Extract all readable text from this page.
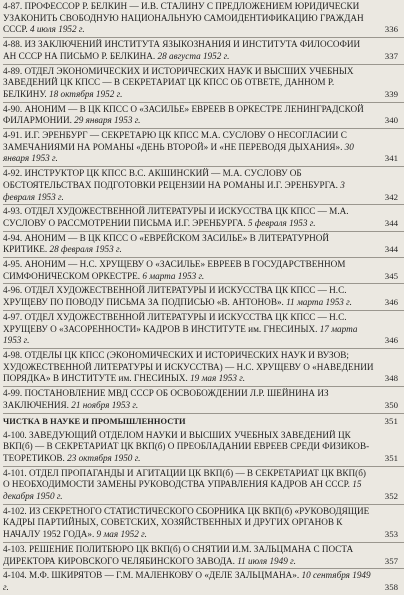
4-87. ПРОФЕССОР Р. БЕЛКИН — И.В. СТАЛИНУ С ПРЕДЛОЖЕНИЕМ ЮРИДИЧЕСКИ УЗАКОНИТЬ СВОБОДНУЮ НАЦИОНАЛЬНУЮ САМОИДЕНТИФИКАЦИЮ ГРАЖДАН СССР. 4 июля 1952 г.	336
4-88. ИЗ ЗАКЛЮЧЕНИЙ ИНСТИТУТА ЯЗЫКОЗНАНИЯ И ИНСТИТУТА ФИЛОСОФИИ АН СССР НА ПИСЬМО Р. БЕЛКИНА. 28 августа 1952 г.	337
4-89. ОТДЕЛ ЭКОНОМИЧЕСКИХ И ИСТОРИЧЕСКИХ НАУК И ВЫСШИХ УЧЕБНЫХ ЗАВЕДЕНИЙ ЦК КПСС — В СЕКРЕТАРИАТ ЦК КПСС ОБ ОТВЕТЕ, ДАННОМ Р. БЕЛКИНУ. 18 октября 1952 г.	339
4-90. АНОНИМ — В ЦК КПСС О «ЗАСИЛЬЕ» ЕВРЕЕВ В ОРКЕСТРЕ ЛЕНИНГРАДСКОЙ ФИЛАРМОНИИ. 29 января 1953 г.	340
4-91. И.Г. ЭРЕНБУРГ — СЕКРЕТАРЮ ЦК КПСС М.А. СУСЛОВУ О НЕСОГЛАСИИ С ЗАМЕЧАНИЯМИ НА РОМАНЫ «ДЕНЬ ВТОРОЙ» И «НЕ ПЕРЕВОДЯ ДЫХАНИЯ». 30 января 1953 г.	341
4-92. ИНСТРУКТОР ЦК КПСС В.С. АКШИНСКИЙ — М.А. СУСЛОВУ ОБ ОБСТОЯТЕЛЬСТВАХ ПОДГОТОВКИ РЕЦЕНЗИИ НА РОМАНЫ И.Г. ЭРЕНБУРГА. 3 февраля 1953 г.	342
4-93. ОТДЕЛ ХУДОЖЕСТВЕННОЙ ЛИТЕРАТУРЫ И ИСКУССТВА ЦК КПСС — М.А. СУСЛОВУ О РАССМОТРЕНИИ ПИСЬМА И.Г. ЭРЕНБУРГА. 5 февраля 1953 г.	344
4-94. АНОНИМ — В ЦК КПСС О «ЕВРЕЙСКОМ ЗАСИЛЬЕ» В ЛИТЕРАТУРНОЙ КРИТИКЕ. 28 февраля 1953 г.	344
4-95. АНОНИМ — Н.С. ХРУЩЕВУ О «ЗАСИЛЬЕ» ЕВРЕЕВ В ГОСУДАРСТВЕННОМ СИМФОНИЧЕСКОМ ОРКЕСТРЕ. 6 марта 1953 г.	345
4-96. ОТДЕЛ ХУДОЖЕСТВЕННОЙ ЛИТЕРАТУРЫ И ИСКУССТВА ЦК КПСС — Н.С. ХРУЩЕВУ ПО ПОВОДУ ПИСЬМА ЗА ПОДПИСЬЮ «В. АНТОНОВ». 11 марта 1953 г.	346
4-97. ОТДЕЛ ХУДОЖЕСТВЕННОЙ ЛИТЕРАТУРЫ И ИСКУССТВА ЦК КПСС — Н.С. ХРУЩЕВУ О «ЗАСОРЕННОСТИ» КАДРОВ В ИНСТИТУТЕ им. ГНЕСИНЫХ. 17 марта 1953 г.	346
4-98. ОТДЕЛЫ ЦК КПСС (ЭКОНОМИЧЕСКИХ И ИСТОРИЧЕСКИХ НАУК И ВУЗОВ; ХУДОЖЕСТВЕННОЙ ЛИТЕРАТУРЫ И ИСКУССТВА) — Н.С. ХРУЩЕВУ О «НАВЕДЕНИИ ПОРЯДКА» В ИНСТИТУТЕ им. ГНЕСИНЫХ. 19 мая 1953 г.	348
4-99. ПОСТАНОВЛЕНИЕ МВД СССР ОБ ОСВОБОЖДЕНИИ Л.Р. ШЕЙНИНА ИЗ ЗАКЛЮЧЕНИЯ. 21 ноября 1953 г.	350
ЧИСТКА В НАУКЕ И ПРОМЫШЛЕННОСТИ	351
4-100. ЗАВЕДУЮЩИЙ ОТДЕЛОМ НАУКИ И ВЫСШИХ УЧЕБНЫХ ЗАВЕДЕНИЙ ЦК ВКП(б) — В СЕКРЕТАРИАТ ЦК ВКП(б) О ПРЕОБЛАДАНИИ ЕВРЕЕВ СРЕДИ ФИЗИКОВ-ТЕОРЕТИКОВ. 23 октября 1950 г.	351
4-101. ОТДЕЛ ПРОПАГАНДЫ И АГИТАЦИИ ЦК ВКП(б) — В СЕКРЕТАРИАТ ЦК ВКП(б) О НЕОБХОДИМОСТИ ЗАМЕНЫ РУКОВОДСТВА УПРАВЛЕНИЯ КАДРОВ АН СССР. 15 декабря 1950 г.	352
4-102. ИЗ СЕКРЕТНОГО СТАТИСТИЧЕСКОГО СБОРНИКА ЦК ВКП(б) «РУКОВОДЯЩИЕ КАДРЫ ПАРТИЙНЫХ, СОВЕТСКИХ, ХОЗЯЙСТВЕННЫХ И ДРУГИХ ОРГАНОВ К НАЧАЛУ 1952 ГОДА». 9 мая 1952 г.	353
4-103. РЕШЕНИЕ ПОЛИТБЮРО ЦК ВКП(б) О СНЯТИИ И.М. ЗАЛЬЦМАНА С ПОСТА ДИРЕКТОРА КИРОВСКОГО ЧЕЛЯБИНСКОГО ЗАВОДА. 11 июля 1949 г.	357
4-104. М.Ф. ШКИРЯТОВ — Г.М. МАЛЕНКОВУ О «ДЕЛЕ ЗАЛЬЦМАНА». 10 сентября 1949 г.	358
